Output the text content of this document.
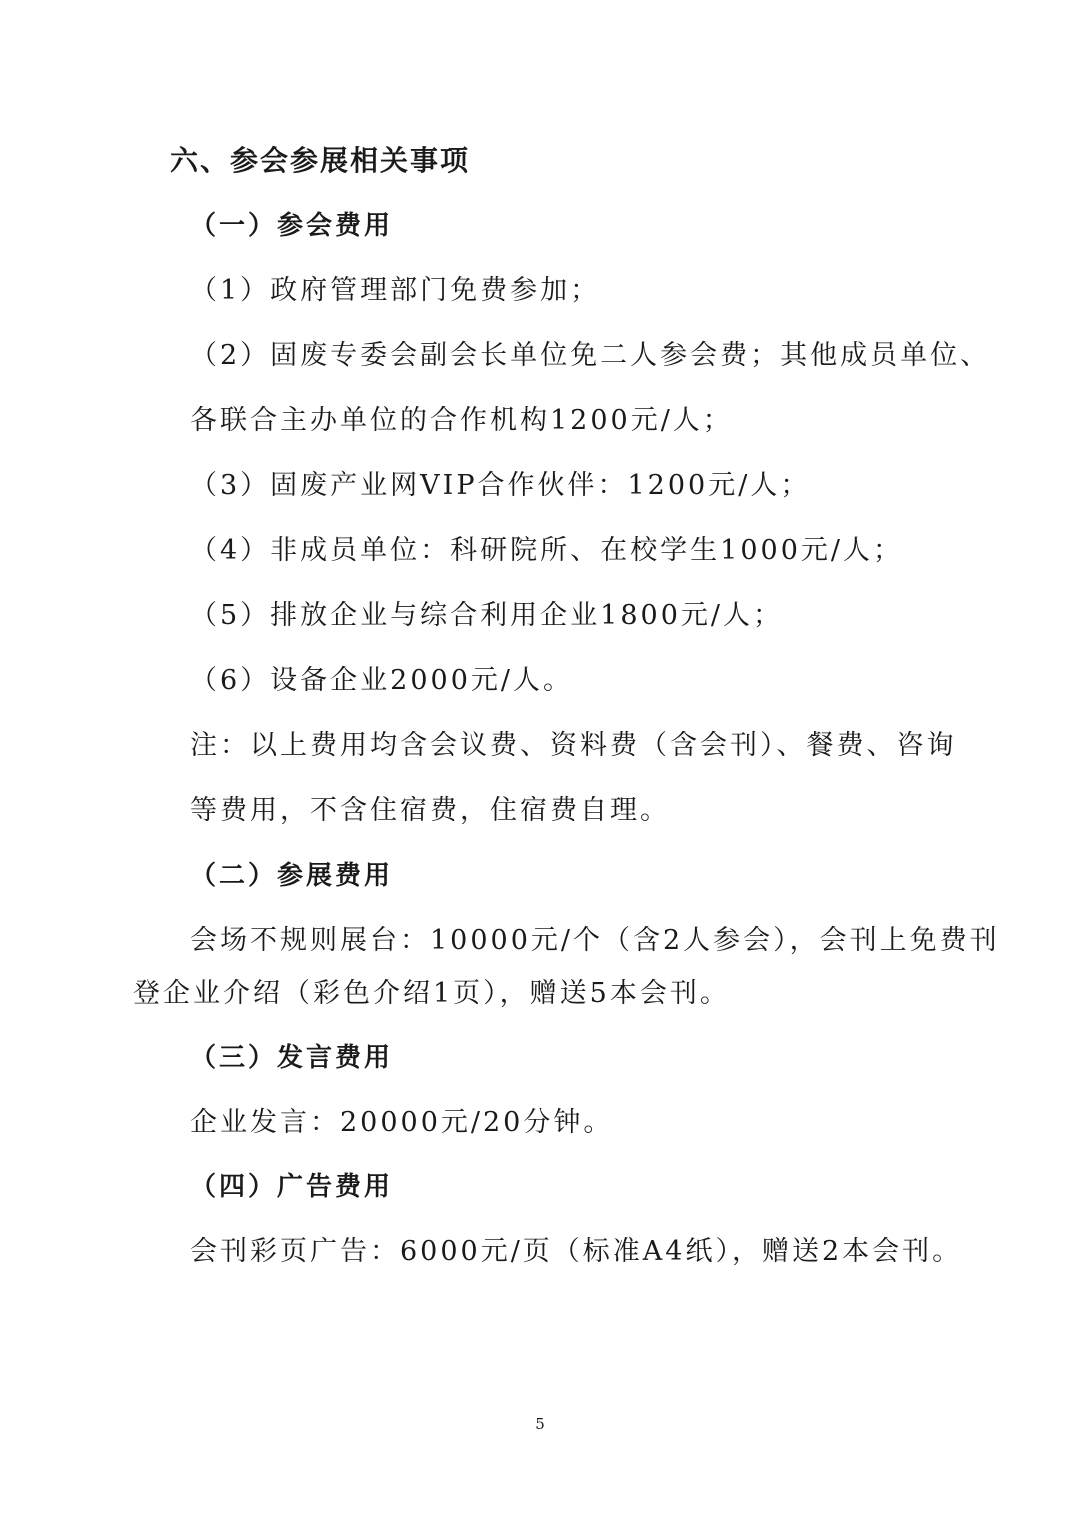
六、参会参展相关事项
（一）参会费用
（1）政府管理部门免费参加；
（2）固废专委会副会长单位免二人参会费；其他成员单位、
各联合主办单位的合作机构1200元/人；
（3）固废产业网VIP合作伙伴：1200元/人；
（4）非成员单位：科研院所、在校学生1000元/人；
（5）排放企业与综合利用企业1800元/人；
（6）设备企业2000元/人。
注：以上费用均含会议费、资料费（含会刊）、餐费、咨询
等费用，不含住宿费，住宿费自理。
（二）参展费用
会场不规则展台：10000元/个（含2人参会），会刊上免费刊
登企业介绍（彩色介绍1页），赠送5本会刊。
（三）发言费用
企业发言：20000元/20分钟。
（四）广告费用
会刊彩页广告：6000元/页（标准A4纸），赠送2本会刊。
5
